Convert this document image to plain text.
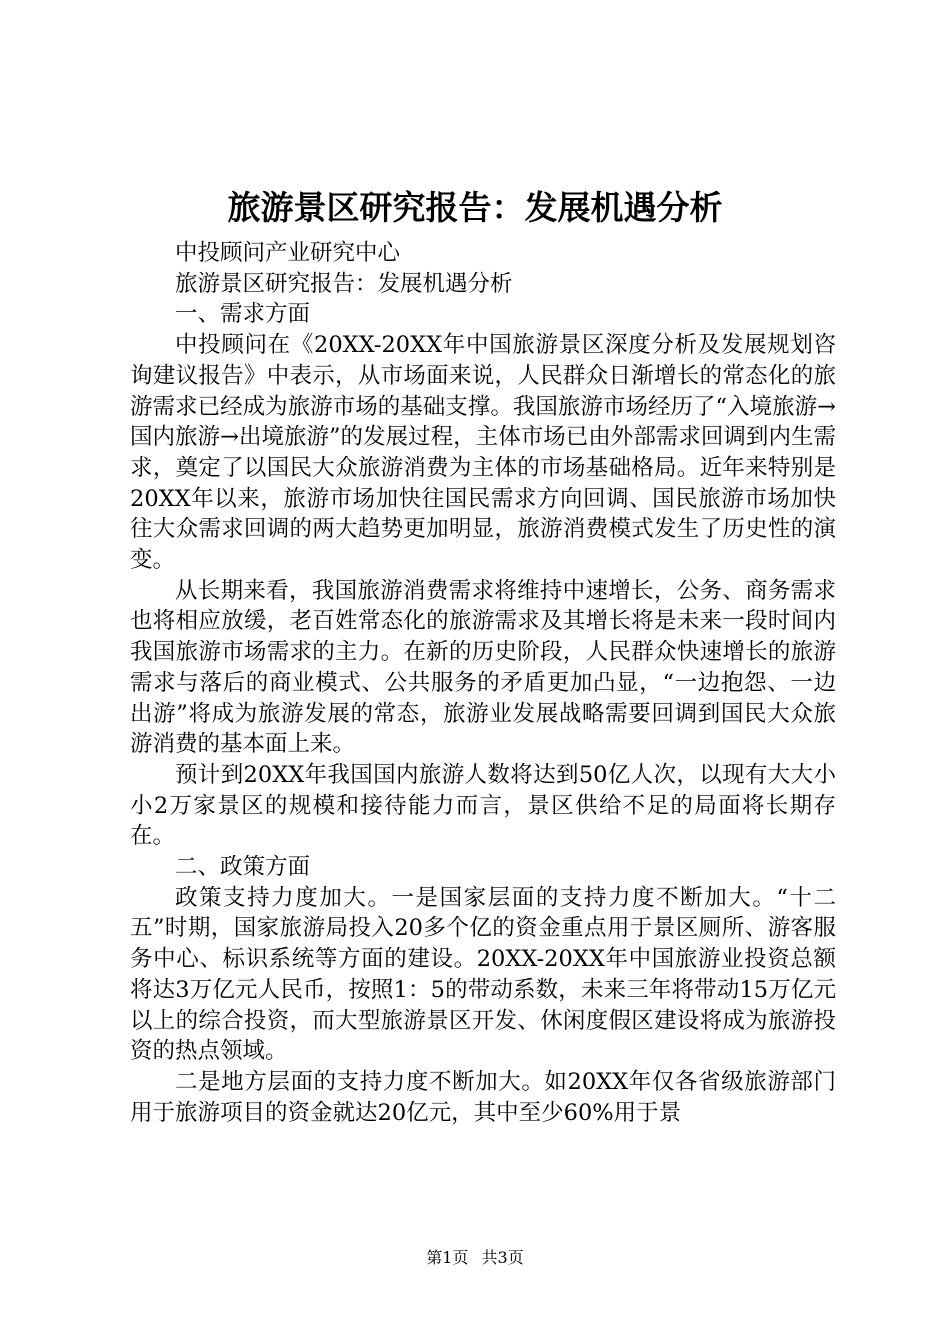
旅游景区研究报告：发展机遇分析

中投顾问产业研究中心

旅游景区研究报告：发展机遇分析

一、需求方面

中投顾问在《20XX-20XX年中国旅游景区深度分析及发展规划咨询建议报告》中表示，从市场面来说，人民群众日渐增长的常态化的旅游需求已经成为旅游市场的基础支撑。我国旅游市场经历了“入境旅游→国内旅游→出境旅游”的发展过程，主体市场已由外部需求回调到内生需求，奠定了以国民大众旅游消费为主体的市场基础格局。近年来特别是20XX年以来，旅游市场加快往国民需求方向回调、国民旅游市场加快往大众需求回调的两大趋势更加明显，旅游消费模式发生了历史性的演变。

从长期来看，我国旅游消费需求将维持中速增长，公务、商务需求也将相应放缓，老百姓常态化的旅游需求及其增长将是未来一段时间内我国旅游市场需求的主力。在新的历史阶段，人民群众快速增长的旅游需求与落后的商业模式、公共服务的矛盾更加凸显，“一边抱怨、一边出游”将成为旅游发展的常态，旅游业发展战略需要回调到国民大众旅游消费的基本面上来。

预计到20XX年我国国内旅游人数将达到50亿人次，以现有大大小小2万家景区的规模和接待能力而言，景区供给不足的局面将长期存在。

二、政策方面

政策支持力度加大。一是国家层面的支持力度不断加大。“十二五”时期，国家旅游局投入20多个亿的资金重点用于景区厕所、游客服务中心、标识系统等方面的建设。20XX-20XX年中国旅游业投资总额将达3万亿元人民币，按照1：5的带动系数，未来三年将带动15万亿元以上的综合投资，而大型旅游景区开发、休闲度假区建设将成为旅游投资的热点领域。

二是地方层面的支持力度不断加大。如20XX年仅各省级旅游部门用于旅游项目的资金就达20亿元，其中至少60%用于景

第1页 共3页
